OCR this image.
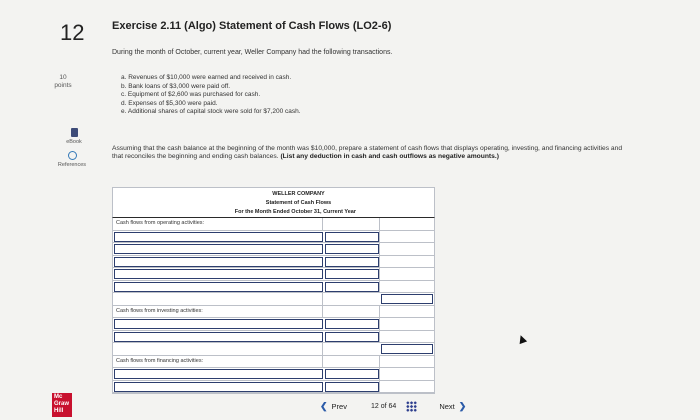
12
10
points
eBook
References
Mc
Graw
Hill
Exercise 2.11 (Algo) Statement of Cash Flows (LO2-6)
During the month of October, current year, Weller Company had the following transactions.
a. Revenues of $10,000 were earned and received in cash.
b. Bank loans of $3,000 were paid off.
c. Equipment of $2,600 was purchased for cash.
d. Expenses of $5,300 were paid.
e. Additional shares of capital stock were sold for $7,200 cash.
Assuming that the cash balance at the beginning of the month was $10,000, prepare a statement of cash flows that displays operating, investing, and financing activities and that reconciles the beginning and ending cash balances. (List any deduction in cash and cash outflows as negative amounts.)
WELLER COMPANY
Statement of Cash Flows
For the Month Ended October 31, Current Year
Cash flows from operating activities:
Cash flows from investing activities:
Cash flows from financing activities:
❮ Prev	12 of 64	Next ❯
